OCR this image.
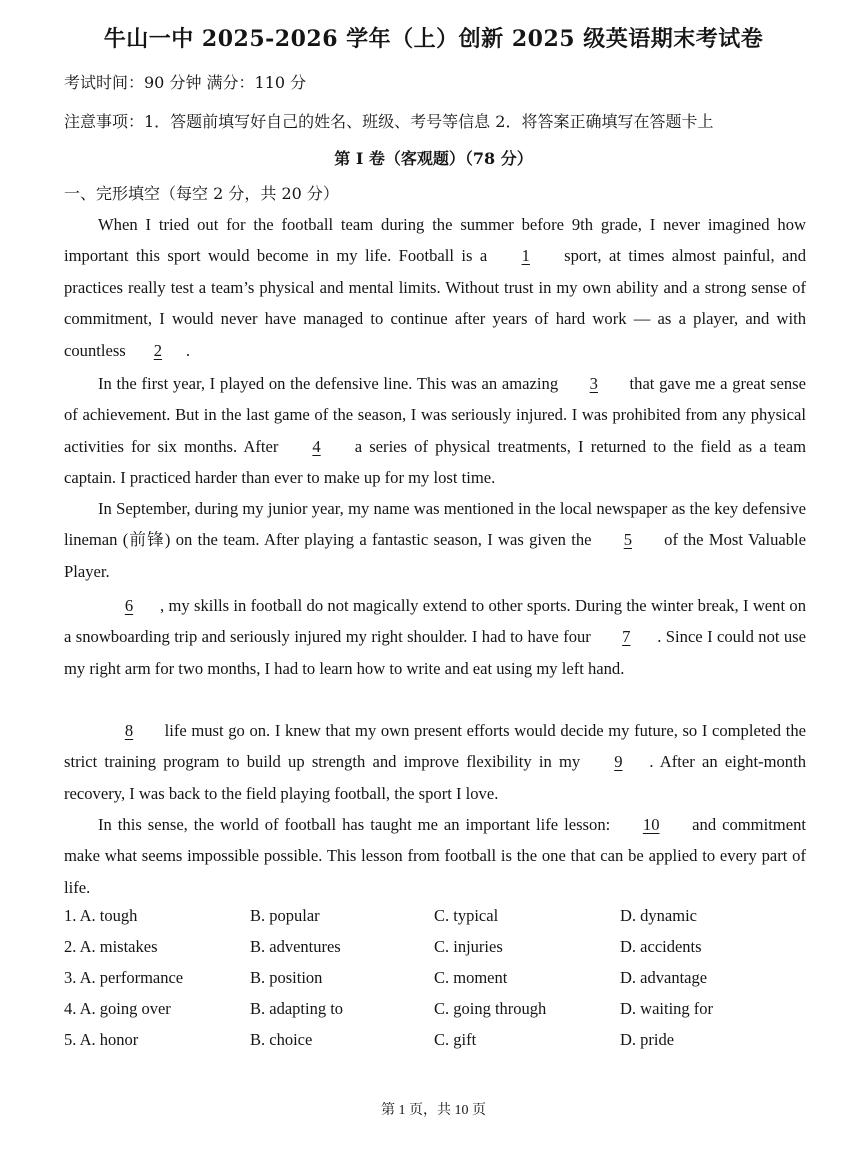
牛山一中 2025-2026 学年（上）创新 2025 级英语期末考试卷
考试时间：90 分钟 满分：110 分
注意事项：1．答题前填写好自己的姓名、班级、考号等信息 2．将答案正确填写在答题卡上
第 I 卷（客观题）（78 分）
一、完形填空（每空 2 分，共 20 分）
When I tried out for the football team during the summer before 9th grade, I never imagined how important this sport would become in my life. Football is a 1 sport, at times almost painful, and practices really test a team’s physical and mental limits. Without trust in my own ability and a strong sense of commitment, I would never have managed to continue after years of hard work — as a player, and with countless 2 .
In the first year, I played on the defensive line. This was an amazing 3 that gave me a great sense of achievement. But in the last game of the season, I was seriously injured. I was prohibited from any physical activities for six months. After 4 a series of physical treatments, I returned to the field as a team captain. I practiced harder than ever to make up for my lost time.
In September, during my junior year, my name was mentioned in the local newspaper as the key defensive lineman (前锋) on the team. After playing a fantastic season, I was given the 5 of the Most Valuable Player.
6 , my skills in football do not magically extend to other sports. During the winter break, I went on a snowboarding trip and seriously injured my right shoulder. I had to have four 7 . Since I could not use my right arm for two months, I had to learn how to write and eat using my left hand.
8 life must go on. I knew that my own present efforts would decide my future, so I completed the strict training program to build up strength and improve flexibility in my 9 . After an eight-month recovery, I was back to the field playing football, the sport I love.
In this sense, the world of football has taught me an important life lesson: 10 and commitment make what seems impossible possible. This lesson from football is the one that can be applied to every part of life.
1. A. tough	B. popular	C. typical	D. dynamic
2. A. mistakes	B. adventures	C. injuries	D. accidents
3. A. performance	B. position	C. moment	D. advantage
4. A. going over	B. adapting to	C. going through	D. waiting for
5. A. honor	B. choice	C. gift	D. pride
第 1 页，共 10 页
